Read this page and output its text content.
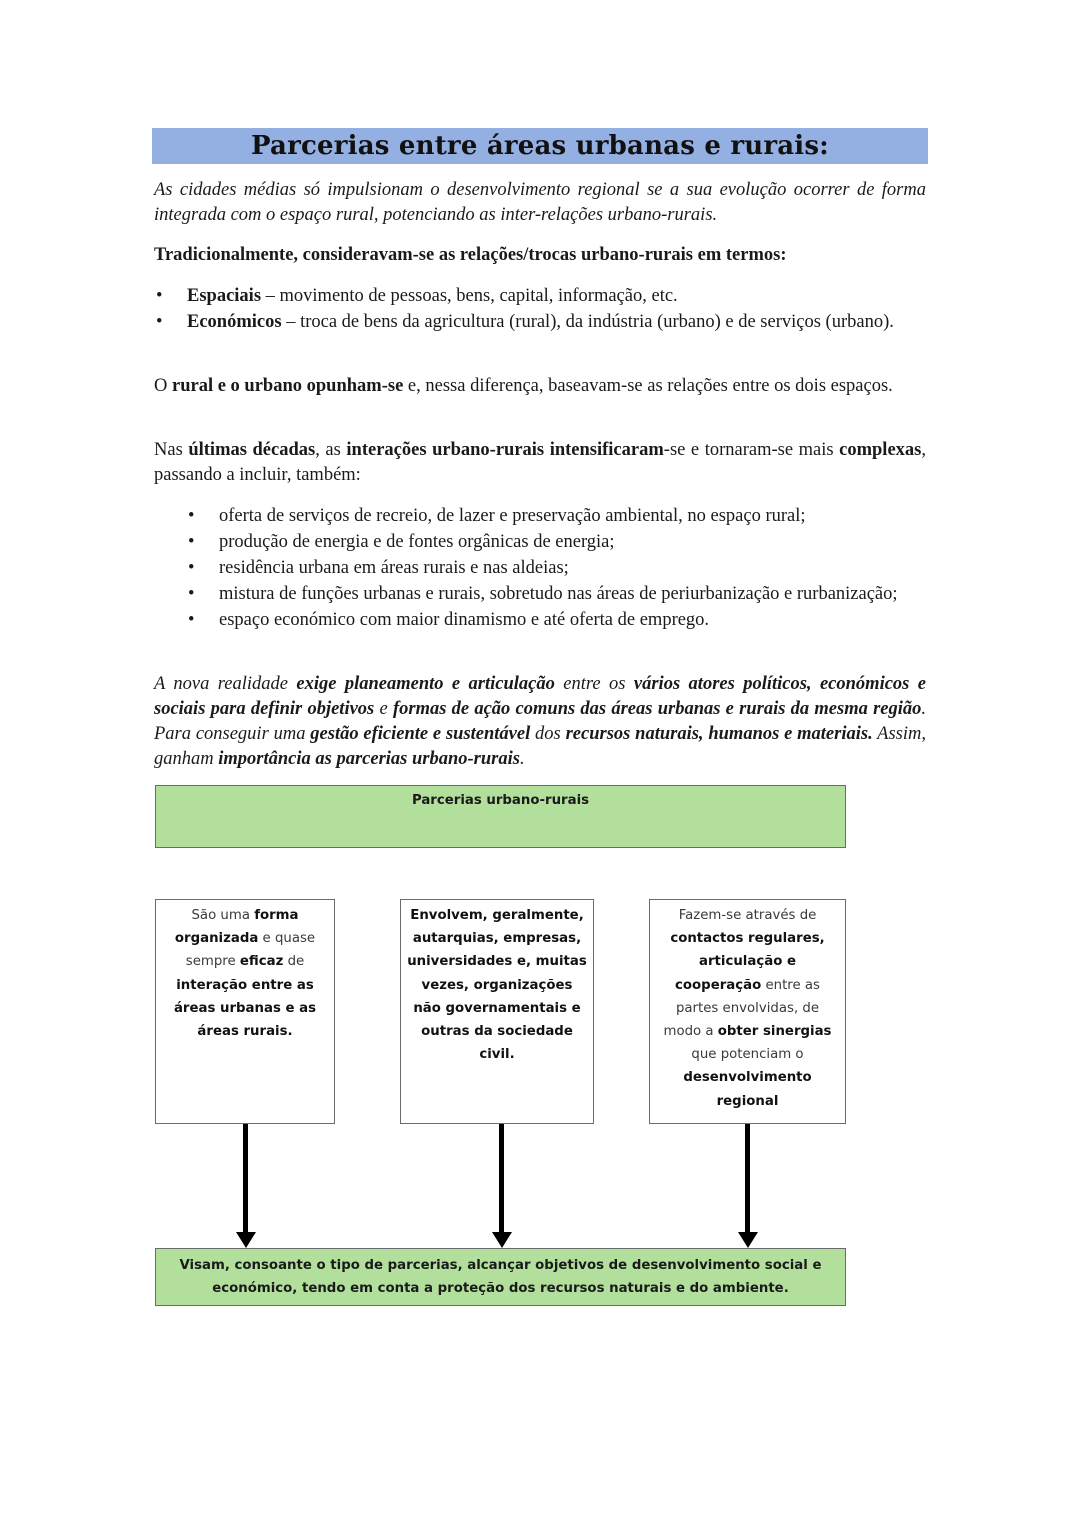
Parcerias entre áreas urbanas e rurais:
As cidades médias só impulsionam o desenvolvimento regional se a sua evolução ocorrer de forma integrada com o espaço rural, potenciando as inter-relações urbano-rurais.
Tradicionalmente, consideravam-se as relações/trocas urbano-rurais em termos:
• Espaciais – movimento de pessoas, bens, capital, informação, etc.
• Económicos – troca de bens da agricultura (rural), da indústria (urbano) e de serviços (urbano).
O rural e o urbano opunham-se e, nessa diferença, baseavam-se as relações entre os dois espaços.
Nas últimas décadas, as interações urbano-rurais intensificaram-se e tornaram-se mais complexas, passando a incluir, também:
• oferta de serviços de recreio, de lazer e preservação ambiental, no espaço rural;
• produção de energia e de fontes orgânicas de energia;
• residência urbana em áreas rurais e nas aldeias;
• mistura de funções urbanas e rurais, sobretudo nas áreas de periurbanização e rurbanização;
• espaço económico com maior dinamismo e até oferta de emprego.
A nova realidade exige planeamento e articulação entre os vários atores políticos, económicos e sociais para definir objetivos e formas de ação comuns das áreas urbanas e rurais da mesma região. Para conseguir uma gestão eficiente e sustentável dos recursos naturais, humanos e materiais. Assim, ganham importância as parcerias urbano-rurais.
Parcerias urbano-rurais
São uma forma organizada e quase sempre eficaz de interação entre as áreas urbanas e as áreas rurais.
Envolvem, geralmente, autarquias, empresas, universidades e, muitas vezes, organizações não governamentais e outras da sociedade civil.
Fazem-se através de contactos regulares, articulação e cooperação entre as partes envolvidas, de modo a obter sinergias que potenciam o desenvolvimento regional
Visam, consoante o tipo de parcerias, alcançar objetivos de desenvolvimento social e económico, tendo em conta a proteção dos recursos naturais e do ambiente.
